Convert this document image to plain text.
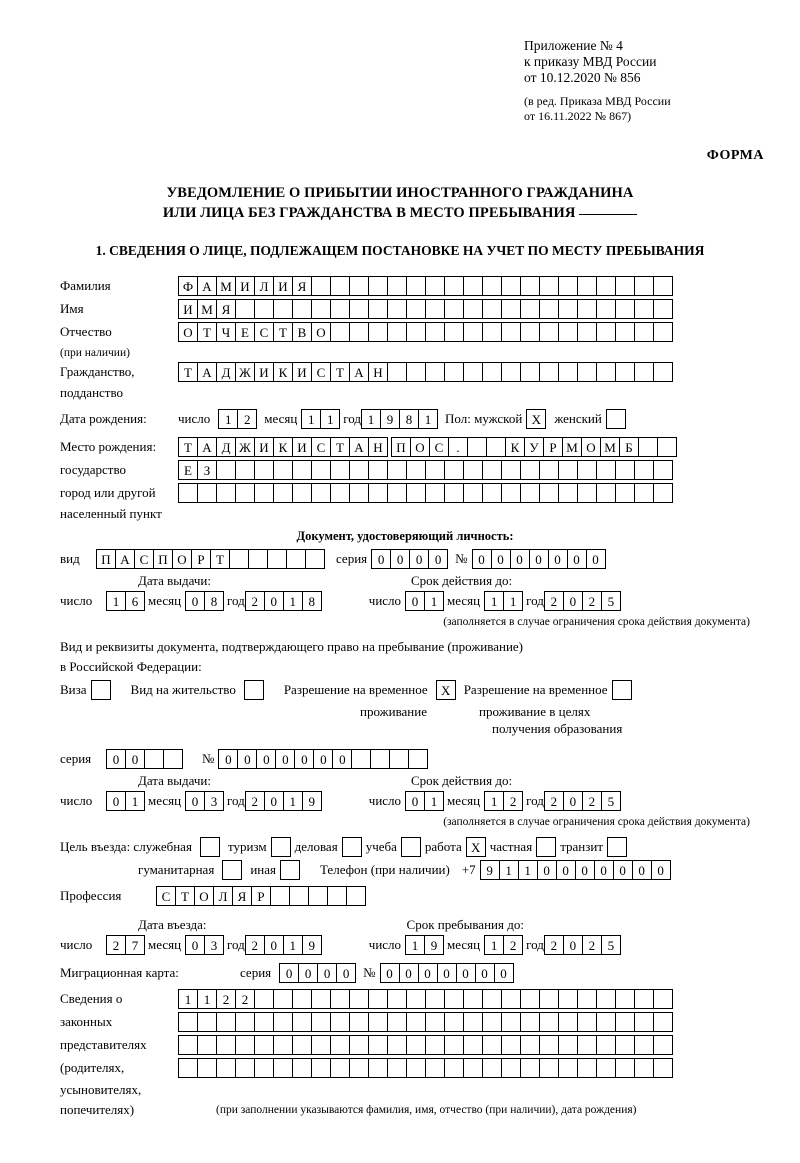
Приложение № 4
к приказу МВД России
от 10.12.2020 № 856
(в ред. Приказа МВД России
от 16.11.2022 № 867)
ФОРМА
УВЕДОМЛЕНИЕ О ПРИБЫТИИ ИНОСТРАННОГО ГРАЖДАНИНА
ИЛИ ЛИЦА БЕЗ ГРАЖДАНСТВА В МЕСТО ПРЕБЫВАНИЯ
1. СВЕДЕНИЯ О ЛИЦЕ, ПОДЛЕЖАЩЕМ ПОСТАНОВКЕ НА УЧЕТ ПО МЕСТУ ПРЕБЫВАНИЯ
Фамилия	Ф А М И Л И Я
Имя	И М Я
Отчество	О Т Ч Е С Т В О
(при наличии)
Гражданство,	Т А Д Ж И К И С Т А Н
подданство
Дата рождения:	число	1 2	месяц 1 1 год 1 9 8 1	Пол: мужской X	женский
Место рождения:	Т А Д Ж И К И С Т А Н	П О С	.	К У Р М О М Б
государство	Е З
город или другой
населенный пункт
Документ, удостоверяющий личность:
вид	П А С П О Р Т	серия 0 0 0 0	№ 0 0 0 0 0 0 0
Дата выдачи:	Срок действия до:
число	1 6 месяц 0 8 год 2 0 1 8	число 0 1 месяц 1 1 год 2 0 2 5
(заполняется в случае ограничения срока действия документа)
Вид и реквизиты документа, подтверждающего право на пребывание (проживание)
в Российской Федерации:
Виза	Вид на жительство	Разрешение на временное	X	Разрешение на временное
проживание	проживание в целях
получения образования
серия	0 0	№ 0 0 0 0 0 0 0
Дата выдачи:	Срок действия до:
число	0 1 месяц 0 3 год 2 0 1 9	число 0 1 месяц 1 2 год 2 0 2 5
(заполняется в случае ограничения срока действия документа)
Цель въезда: служебная	туризм деловая учеба работа X частная транзит
гуманитарная	иная	Телефон (при наличии) +7 9 1 1 0 0 0 0 0 0 0
Профессия	С Т О Л Я Р
Дата въезда:	Срок пребывания до:
число	2 7 месяц 0 3 год 2 0 1 9	число 1 9 месяц 1 2 год 2 0 2 5
Миграционная карта:	серия	0 0 0 0	№ 0 0 0 0 0 0 0
Сведения о	1 1 2 2
законных
представителях
(родителях,
усыновителях,
попечителях)	(при заполнении указываются фамилия, имя, отчество (при наличии), дата рождения)
